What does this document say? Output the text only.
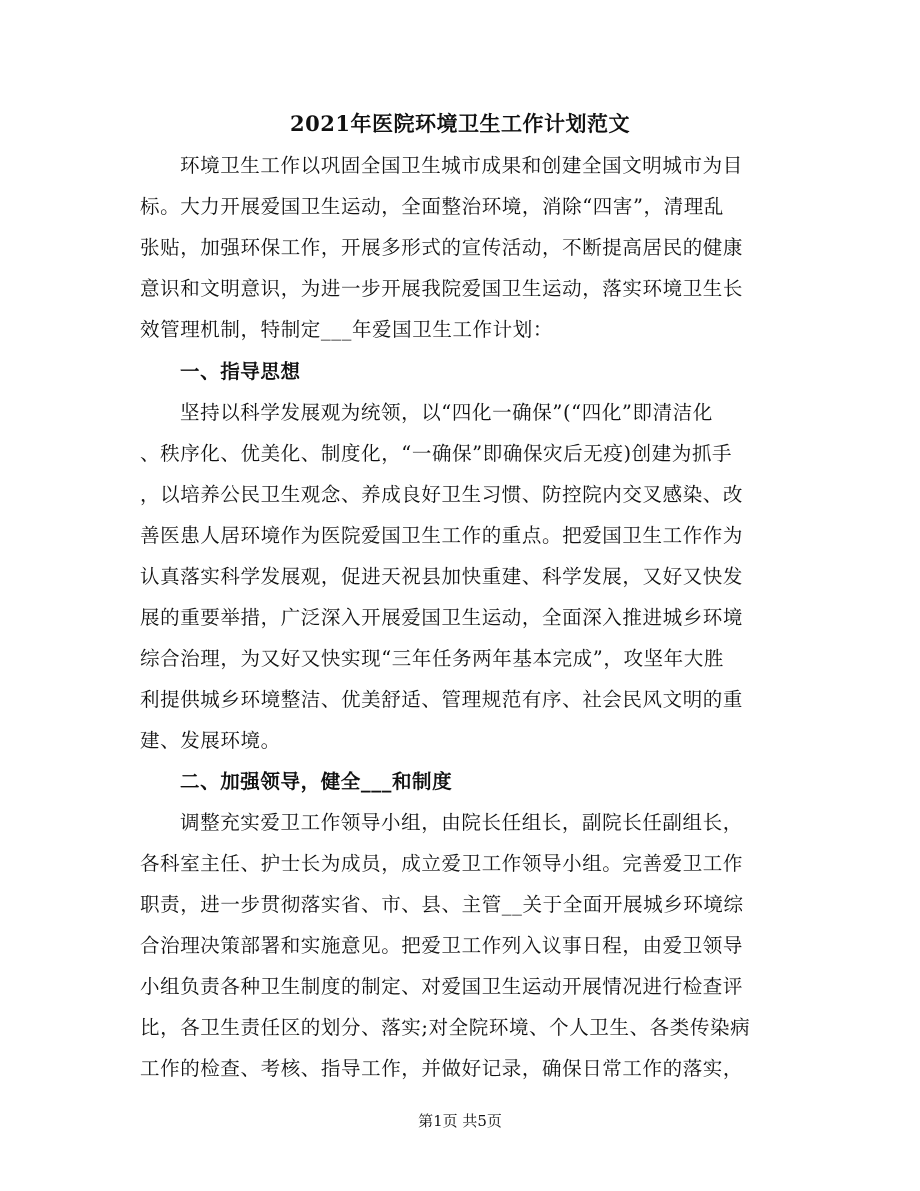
2021年医院环境卫生工作计划范文
环境卫生工作以巩固全国卫生城市成果和创建全国文明城市为目
标。大力开展爱国卫生运动，全面整治环境，消除“四害”，清理乱
张贴，加强环保工作，开展多形式的宣传活动，不断提高居民的健康
意识和文明意识，为进一步开展我院爱国卫生运动，落实环境卫生长
效管理机制，特制定___年爱国卫生工作计划：
一、指导思想
坚持以科学发展观为统领，以“四化一确保”(“四化”即清洁化
、秩序化、优美化、制度化，“一确保”即确保灾后无疫)创建为抓手
，以培养公民卫生观念、养成良好卫生习惯、防控院内交叉感染、改
善医患人居环境作为医院爱国卫生工作的重点。把爱国卫生工作作为
认真落实科学发展观，促进天祝县加快重建、科学发展，又好又快发
展的重要举措，广泛深入开展爱国卫生运动，全面深入推进城乡环境
综合治理，为又好又快实现“三年任务两年基本完成”，攻坚年大胜
利提供城乡环境整洁、优美舒适、管理规范有序、社会民风文明的重
建、发展环境。
二、加强领导，健全___和制度
调整充实爱卫工作领导小组，由院长任组长，副院长任副组长，
各科室主任、护士长为成员，成立爱卫工作领导小组。完善爱卫工作
职责，进一步贯彻落实省、市、县、主管__关于全面开展城乡环境综
合治理决策部署和实施意见。把爱卫工作列入议事日程，由爱卫领导
小组负责各种卫生制度的制定、对爱国卫生运动开展情况进行检查评
比，各卫生责任区的划分、落实;对全院环境、个人卫生、各类传染病
工作的检查、考核、指导工作，并做好记录，确保日常工作的落实，
第1页 共5页
